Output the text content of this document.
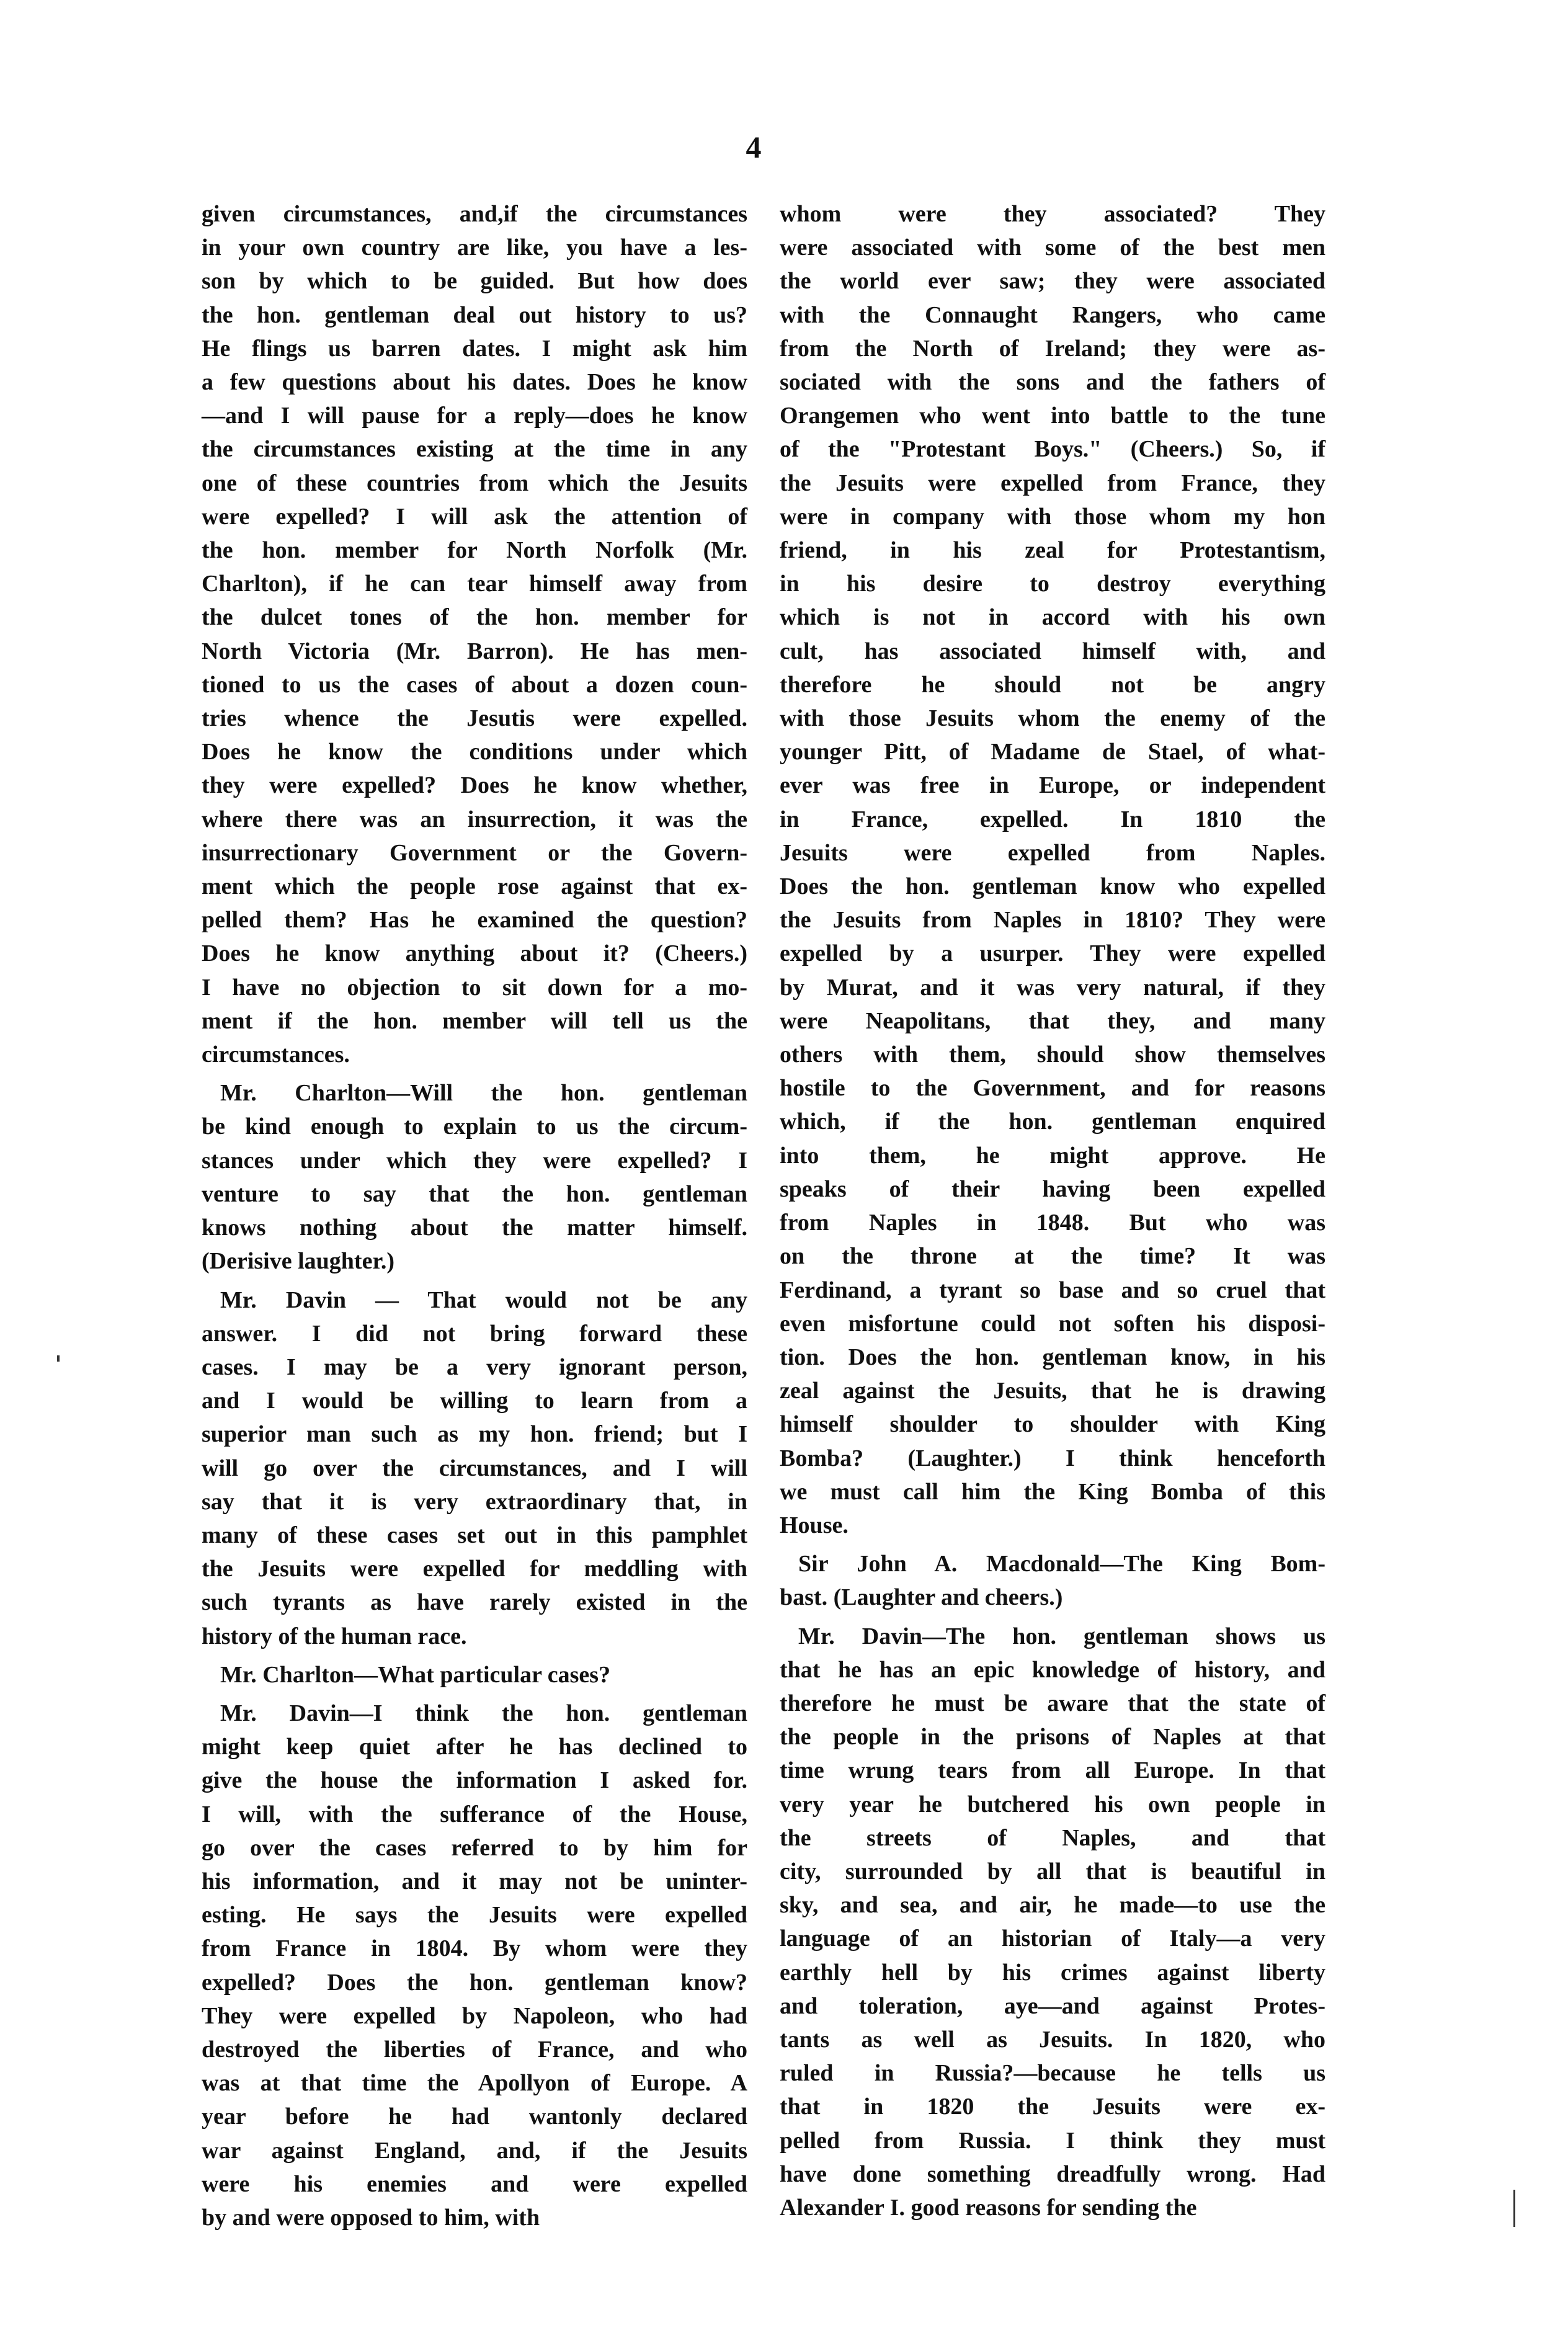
4
given circumstances, and,if the circumstances
in your own country are like, you have a les-
son by which to be guided. But how does
the hon. gentleman deal out history to us?
He flings us barren dates. I might ask him
a few questions about his dates. Does he know
—and I will pause for a reply—does he know
the circumstances existing at the time in any
one of these countries from which the Jesuits
were expelled? I will ask the attention of
the hon. member for North Norfolk (Mr.
Charlton), if he can tear himself away from
the dulcet tones of the hon. member for
North Victoria (Mr. Barron). He has men-
tioned to us the cases of about a dozen coun-
tries whence the Jesutis were expelled.
Does he know the conditions under which
they were expelled? Does he know whether,
where there was an insurrection, it was the
insurrectionary Government or the Govern-
ment which the people rose against that ex-
pelled them? Has he examined the question?
Does he know anything about it? (Cheers.)
I have no objection to sit down for a mo-
ment if the hon. member will tell us the
circumstances.
Mr. Charlton—Will the hon. gentleman
be kind enough to explain to us the circum-
stances under which they were expelled? I
venture to say that the hon. gentleman
knows nothing about the matter himself.
(Derisive laughter.)
Mr. Davin — That would not be any
answer. I did not bring forward these
cases. I may be a very ignorant person,
and I would be willing to learn from a
superior man such as my hon. friend; but I
will go over the circumstances, and I will
say that it is very extraordinary that, in
many of these cases set out in this pamphlet
the Jesuits were expelled for meddling with
such tyrants as have rarely existed in the
history of the human race.
Mr. Charlton—What particular cases?
Mr. Davin—I think the hon. gentleman
might keep quiet after he has declined to
give the house the information I asked for.
I will, with the sufferance of the House,
go over the cases referred to by him for
his information, and it may not be uninter-
esting. He says the Jesuits were expelled
from France in 1804. By whom were they
expelled? Does the hon. gentleman know?
They were expelled by Napoleon, who had
destroyed the liberties of France, and who
was at that time the Apollyon of Europe. A
year before he had wantonly declared
war against England, and, if the Jesuits
were his enemies and were expelled
by and were opposed to him, with
whom were they associated? They
were associated with some of the best men
the world ever saw; they were associated
with the Connaught Rangers, who came
from the North of Ireland; they were as-
sociated with the sons and the fathers of
Orangemen who went into battle to the tune
of the "Protestant Boys." (Cheers.) So, if
the Jesuits were expelled from France, they
were in company with those whom my hon
friend, in his zeal for Protestantism,
in his desire to destroy everything
which is not in accord with his own
cult, has associated himself with, and
therefore he should not be angry
with those Jesuits whom the enemy of the
younger Pitt, of Madame de Stael, of what-
ever was free in Europe, or independent
in France, expelled. In 1810 the
Jesuits were expelled from Naples.
Does the hon. gentleman know who expelled
the Jesuits from Naples in 1810? They were
expelled by a usurper. They were expelled
by Murat, and it was very natural, if they
were Neapolitans, that they, and many
others with them, should show themselves
hostile to the Government, and for reasons
which, if the hon. gentleman enquired
into them, he might approve. He
speaks of their having been expelled
from Naples in 1848. But who was
on the throne at the time? It was
Ferdinand, a tyrant so base and so cruel that
even misfortune could not soften his disposi-
tion. Does the hon. gentleman know, in his
zeal against the Jesuits, that he is drawing
himself shoulder to shoulder with King
Bomba? (Laughter.) I think henceforth
we must call him the King Bomba of this
House.
Sir John A. Macdonald—The King Bom-
bast. (Laughter and cheers.)
Mr. Davin—The hon. gentleman shows us
that he has an epic knowledge of history, and
therefore he must be aware that the state of
the people in the prisons of Naples at that
time wrung tears from all Europe. In that
very year he butchered his own people in
the streets of Naples, and that
city, surrounded by all that is beautiful in
sky, and sea, and air, he made—to use the
language of an historian of Italy—a very
earthly hell by his crimes against liberty
and toleration, aye—and against Protes-
tants as well as Jesuits. In 1820, who
ruled in Russia?—because he tells us
that in 1820 the Jesuits were ex-
pelled from Russia. I think they must
have done something dreadfully wrong. Had
Alexander I. good reasons for sending the
